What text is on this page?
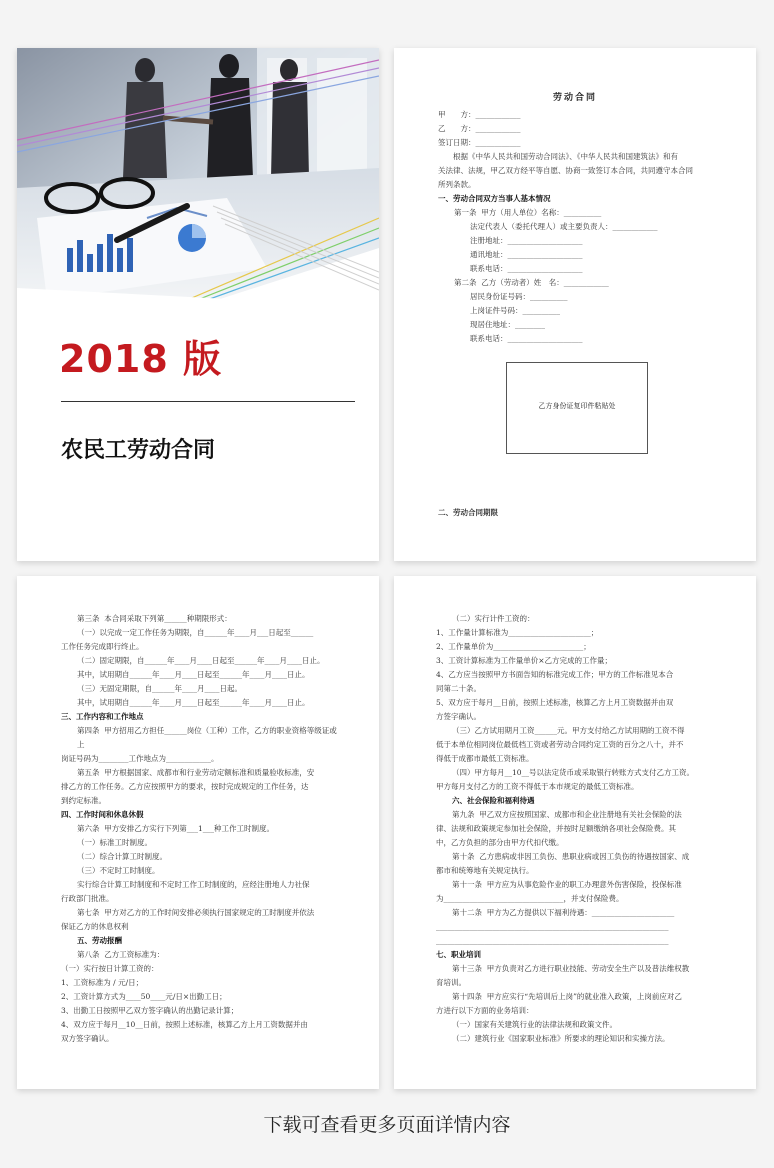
2018 版
农民工劳动合同
劳动合同
甲　　方：____________
乙　　方：____________
签订日期：____________
　　根据《中华人民共和国劳动合同法》、《中华人民共和国建筑法》和有
关法律、法规，甲乙双方经平等自愿、协商一致签订本合同，共同遵守本合同
所列条款。
一、劳动合同双方当事人基本情况
第一条  甲方（用人单位）名称：__________
法定代表人（委托代理人）或主要负责人：____________
注册地址：____________________
通讯地址：____________________
联系电话：____________________
第二条  乙方（劳动者）姓　名：____________
居民身份证号码：__________
上岗证件号码：__________
现居住地址：________
联系电话：____________________
乙方身份证复印件粘贴处
二、劳动合同期限
第三条  本合同采取下列第______种期限形式：
（一）以完成一定工作任务为期限，自______年____月___日起至______
工作任务完成即行终止。
（二）固定期限，自______年____月____日起至______年____月____日止。
其中，试用期自______年____月____日起至______年____月____日止。
（三）无固定期限，自______年____月____日起。
其中，试用期自______年____月____日起至______年____月____日止。
三、工作内容和工作地点
第四条  甲方招用乙方担任______岗位（工种）工作，乙方的职业资格等级证或
上
岗证号码为________工作地点为____________。
第五条  甲方根据国家、成都市和行业劳动定额标准和质量验收标准，安
排乙方的工作任务。乙方应按照甲方的要求，按时完成规定的工作任务，达
到约定标准。
四、工作时间和休息休假
第六条  甲方安排乙方实行下列第___1___种工作工时制度。
（一）标准工时制度。
（二）综合计算工时制度。
（三）不定时工时制度。
实行综合计算工时制度和不定时工作工时制度的，应经注册地人力社保
行政部门批准。
第七条  甲方对乙方的工作时间安排必须执行国家规定的工时制度并依法
保证乙方的休息权利
五、劳动报酬
第八条  乙方工资标准为：
（一）实行按日计算工资的：
1、工资标准为 / 元/日；
2、工资计算方式为____50____元/日×出勤工日；
3、出勤工日按照甲乙双方签字确认的出勤记录计算；
4、双方应于每月__10__日前，按照上述标准，核算乙方上月工资数据并由
双方签字确认。
（二）实行计件工资的：
1、工作量计算标准为______________________；
2、工作量单价为________________________；
3、工资计算标准为工作量单价×乙方完成的工作量；
4、乙方应当按照甲方书面告知的标准完成工作；甲方的工作标准见本合
同第二十条。
5、双方应于每月__日前，按照上述标准，核算乙方上月工资数据并由双
方签字确认。
（三）乙方试用期月工资______元。甲方支付给乙方试用期的工资不得
低于本单位相同岗位最低档工资或者劳动合同约定工资的百分之八十，并不
得低于成都市最低工资标准。
（四）甲方每月__10__号以法定货币或采取银行转账方式支付乙方工资。
甲方每月支付乙方的工资不得低于本市规定的最低工资标准。
六、社会保险和福利待遇
第九条  甲乙双方应按照国家、成都市和企业注册地有关社会保险的法
律、法规和政策规定参加社会保险，并按时足额缴纳各项社会保险费。其
中，乙方负担的部分由甲方代扣代缴。
第十条  乙方患病或非因工负伤、患职业病或因工负伤的待遇按国家、成
都市和统筹地有关规定执行。
第十一条  甲方应为从事危险作业的职工办理意外伤害保险，投保标准
为________________________________，并支付保险费。
第十二条  甲方为乙方提供以下福利待遇：______________________
______________________________________________________________
______________________________________________________________
七、职业培训
第十三条  甲方负责对乙方进行职业技能、劳动安全生产以及普法维权教
育培训。
第十四条  甲方应实行“先培训后上岗”的就业准入政策，上岗前应对乙
方进行以下方面的业务培训：
（一）国家有关建筑行业的法律法规和政策文件。
（二）建筑行业《国家职业标准》所要求的理论知识和实操方法。
下载可查看更多页面详情内容
